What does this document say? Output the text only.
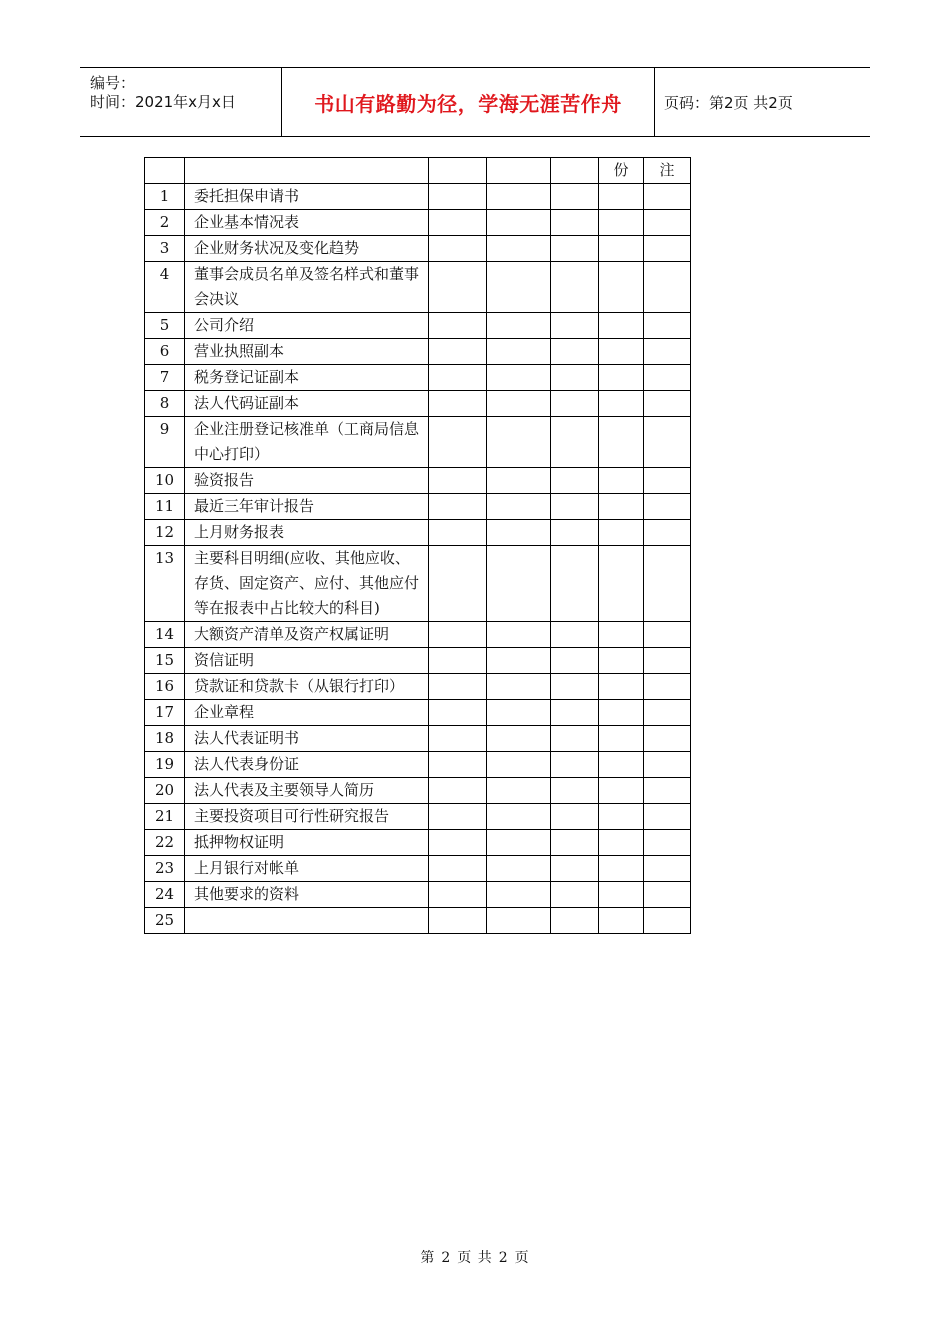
编号：
时间：2021年x月x日	书山有路勤为径，学海无涯苦作舟	页码：第2页 共2页
					份	注
1	委托担保申请书					
2	企业基本情况表					
3	企业财务状况及变化趋势					
4	董事会成员名单及签名样式和董事会决议					
5	公司介绍					
6	营业执照副本					
7	税务登记证副本					
8	法人代码证副本					
9	企业注册登记核准单（工商局信息中心打印）					
10	验资报告					
11	最近三年审计报告					
12	上月财务报表					
13	主要科目明细(应收、其他应收、存货、固定资产、应付、其他应付等在报表中占比较大的科目)					
14	大额资产清单及资产权属证明					
15	资信证明					
16	贷款证和贷款卡（从银行打印）					
17	企业章程					
18	法人代表证明书					
19	法人代表身份证					
20	法人代表及主要领导人简历					
21	主要投资项目可行性研究报告					
22	抵押物权证明					
23	上月银行对帐单					
24	其他要求的资料					
25						
第 2 页 共 2 页
